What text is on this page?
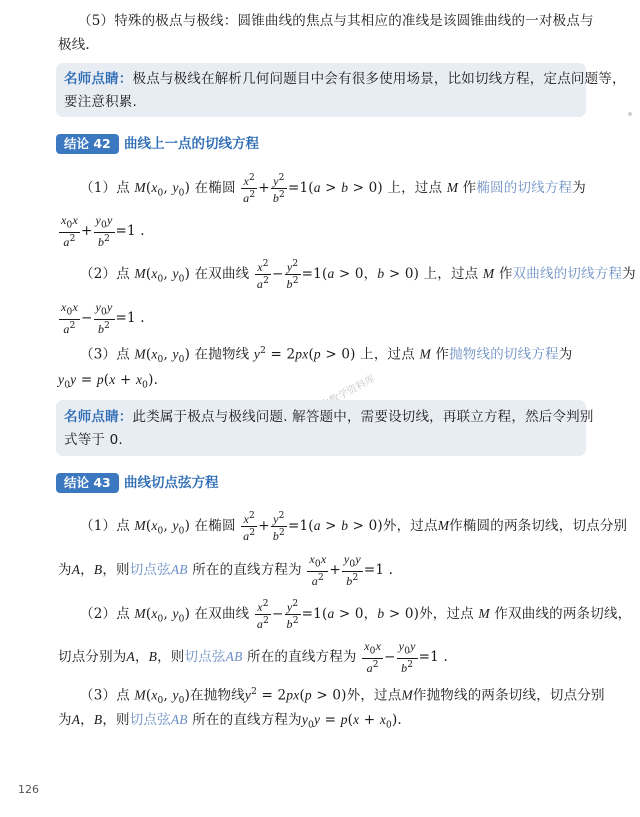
（5）特殊的极点与极线：圆锥曲线的焦点与其相应的准线是该圆锥曲线的一对极点与
极线.
名师点睛：极点与极线在解析几何问题目中会有很多使用场景，比如切线方程，定点问题等，
要注意积累.
结论 42 曲线上一点的切线方程
（1）点 $M(x_0$, $y_0$) 在椭圆 $\frac{x^2}{a^2} + \frac{y^2}{b^2} =1(a > b > 0)$ 上，过点 M 作椭圆的切线方程为
$\frac{x_0x}{a^2} + \frac{y_0y}{b^2} =1$ .
（2）点 $M(x_0$, $y_0$) 在双曲线 $\frac{x^2}{a^2} - \frac{y^2}{b^2} =1(a > 0$，b > 0) 上，过点 M 作双曲线的切线方程为
$\frac{x_0x}{a^2} - \frac{y_0y}{b^2} =1$ .
（3）点 $M(x_0$, $y_0$) 在抛物线 $y^2 = 2px(p > 0)$ 上，过点 M 作抛物线的切线方程为
$y_0y = p(x + x_0)$.
名师点睛：此类属于极点与极线问题. 解答题中，需要设切线，再联立方程，然后令判别
式等于 0.
结论 43 曲线切点弦方程
（1）点 $M(x_0$, $y_0$) 在椭圆 $\frac{x^2}{a^2} + \frac{y^2}{b^2} =1(a > b > 0)$外，过点M作椭圆的两条切线，切点分别
为A，B，则切点弦AB 所在的直线方程为 $\frac{x_0x}{a^2} + \frac{y_0y}{b^2} =1$ .
（2）点 $M(x_0$, $y_0$) 在双曲线 $\frac{x^2}{a^2} - \frac{y^2}{b^2} =1(a > 0$，b > 0)外，过点 M 作双曲线的两条切线，
切点分别为A，B，则切点弦AB 所在的直线方程为 $\frac{x_0x}{a^2} - \frac{y_0y}{b^2} =1$ .
（3）点 $M(x_0$, $y_0$)在抛物线$y^2 = 2px(p > 0)$外，过点M作抛物线的两条切线，切点分别
为A，B，则切点弦AB 所在的直线方程为$y_0y = p(x + x_0)$.
126
